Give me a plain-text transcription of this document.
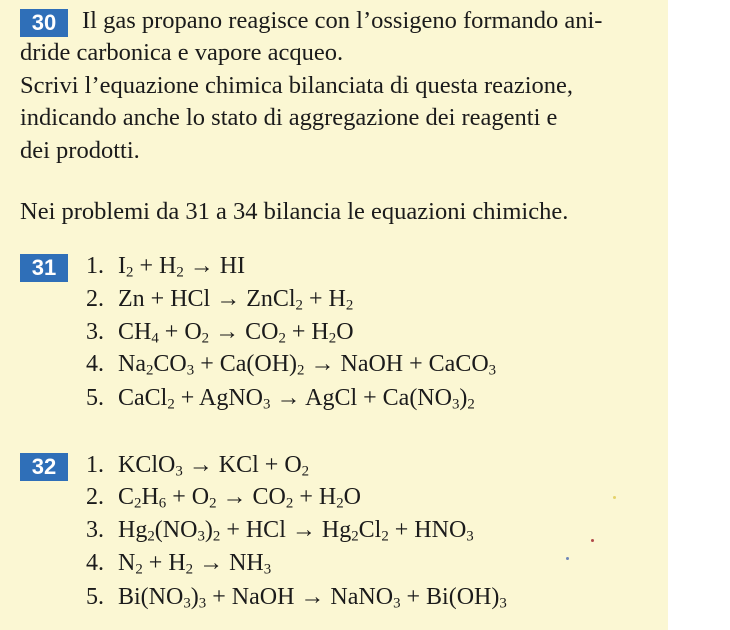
30	Il gas propano reagisce con l’ossigeno formando ani-
dride carbonica e vapore acqueo.
Scrivi l’equazione chimica bilanciata di questa reazione,
indicando anche lo stato di aggregazione dei reagenti e
dei prodotti.
Nei problemi da 31 a 34 bilancia le equazioni chimiche.
31	1. $I_2 + H_2$ → HI
2. Zn + HCl → ZnCl$_2$ + $H_2$
3. $CH_4 + O_2 \to CO_2 + H_2O$
4. $Na_2CO_3 + Ca(OH)_2$ → NaOH + CaCO$_3$
5. CaCl$_2$ + AgNO$_3$ → AgCl + $Ca(NO_3)_2$
32	1. KClO$_3$ → KCl + $O_2$
2. $C_2H_6 + O_2 \to CO_2 + H_2O$
3. $Hg_2(NO_3)_2$ + HCl → $Hg_2Cl_2 + HNO_3$
4. $N_2 + H_2 \to NH_3$
5. $Bi(NO_3)_3$ + NaOH → NaNO$_3$ + $Bi(OH)_3$
